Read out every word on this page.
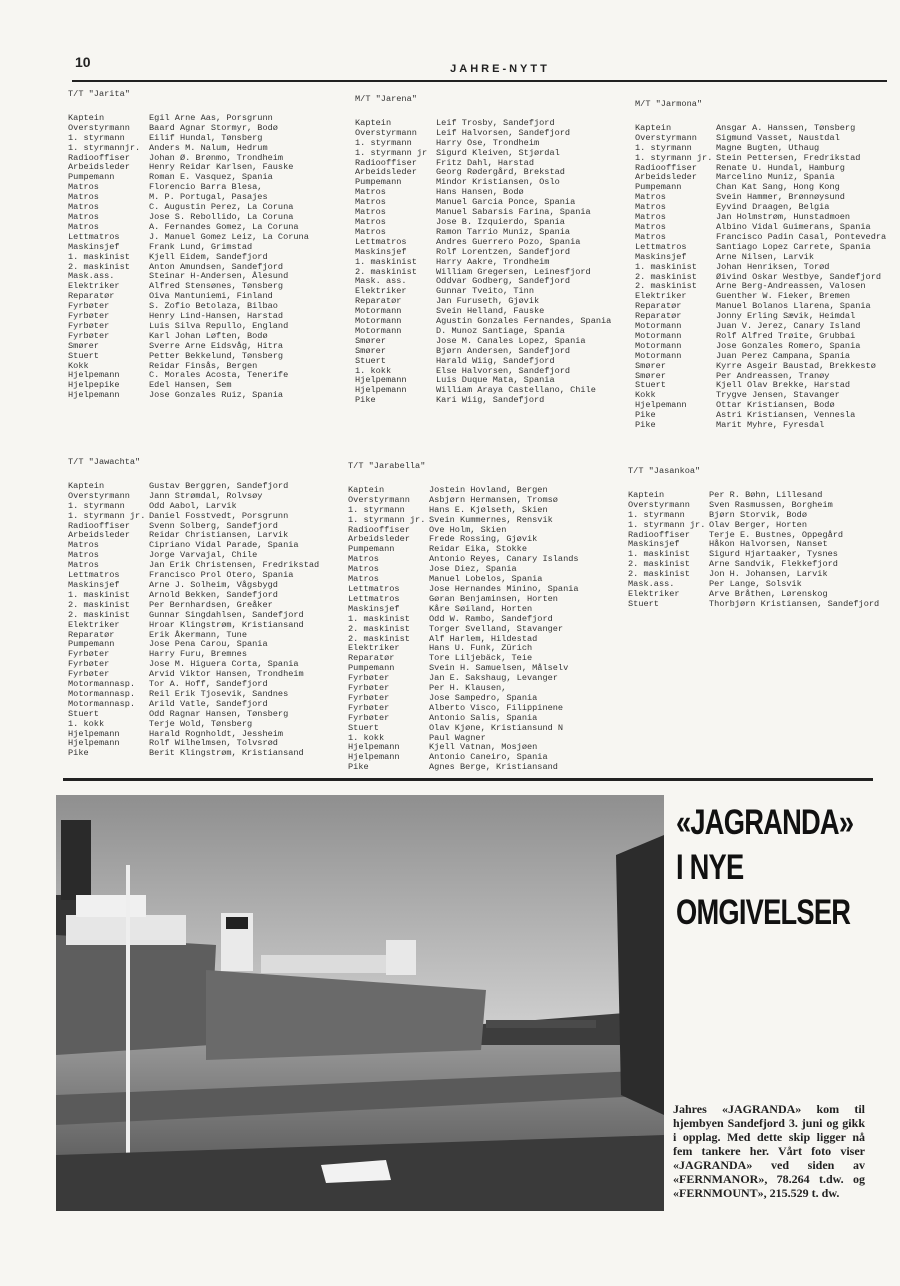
10	JAHRE-NYTT
T/T "Jarita"
Kaptein	Egil Arne Aas, Porsgrunn
Overstyrmann	Baard Agnar Stormyr, Bodø
1. styrmann	Eilif Hundal, Tønsberg
1. styrmannjr.	Anders M. Nalum, Hedrum
Radiooffiser	Johan Ø. Brønmo, Trondheim
Arbeidsleder	Henry Reidar Karlsen, Fauske
Pumpemann	Roman E. Vasquez, Spania
Matros	Florencio Barra Blesa,
Matros	M. P. Portugal, Pasajes
Matros	C. Augustin Perez, La Coruna
Matros	Jose S. Rebollido, La Coruna
Matros	A. Fernandes Gomez, La Coruna
Lettmatros	J. Manuel Gomez Leiz, La Coruna
Maskinsjef	Frank Lund, Grimstad
1. maskinist	Kjell Eidem, Sandefjord
2. maskinist	Anton Amundsen, Sandefjord
Mask.ass.	Steinar H-Andersen, Ålesund
Elektriker	Alfred Stensønes, Tønsberg
Reparatør	Oiva Mantuniemi, Finland
Fyrbøter	S. Zofio Betolaza, Bilbao
Fyrbøter	Henry Lind-Hansen, Harstad
Fyrbøter	Luis Silva Repullo, England
Fyrbøter	Karl Johan Løften, Bodø
Smører	Sverre Arne Eidsvåg, Hitra
Stuert	Petter Bekkelund, Tønsberg
Kokk	Reidar Finsås, Bergen
Hjelpemann	C. Morales Acosta, Tenerife
Hjelpepike	Edel Hansen, Sem
Hjelpemann	Jose Gonzales Ruiz, Spania
M/T "Jarena"
Kaptein	Leif Trosby, Sandefjord
Overstyrmann	Leif Halvorsen, Sandefjord
1. styrmann	Harry Ose, Trondheim
1. styrmann jr	Sigurd Kleiven, Stjørdal
Radiooffiser	Fritz Dahl, Harstad
Arbeidsleder	Georg Rødergård, Brekstad
Pumpemann	Mindor Kristiansen, Oslo
Matros	Hans Hansen, Bodø
Matros	Manuel Garcia Ponce, Spania
Matros	Manuel Sabarsis Farina, Spania
Matros	Jose B. Izquierdo, Spania
Matros	Ramon Tarrio Muniz, Spania
Lettmatros	Andres Guerrero Pozo, Spania
Maskinsjef	Rolf Lorentzen, Sandefjord
1. maskinist	Harry Aakre, Trondheim
2. maskinist	William Gregersen, Leinesfjord
Mask. ass.	Oddvar Godberg, Sandefjord
Elektriker	Gunnar Tveito, Tinn
Reparatør	Jan Furuseth, Gjøvik
Motormann	Svein Helland, Fauske
Motormann	Agustin Gonzales Fernandes, Spania
Motormann	D. Munoz Santiage, Spania
Smører	Jose M. Canales Lopez, Spania
Smører	Bjørn Andersen, Sandefjord
Stuert	Harald Wiig, Sandefjord
1. kokk	Else Halvorsen, Sandefjord
Hjelpemann	Luis Duque Mata, Spania
Hjelpemann	William Araya Castellano, Chile
Pike	Kari Wiig, Sandefjord
M/T "Jarmona"
Kaptein	Ansgar A. Hanssen, Tønsberg
Overstyrmann	Sigmund Vasset, Naustdal
1. styrmann	Magne Bugten, Uthaug
1. styrmann jr. Stein Pettersen, Fredrikstad
Radiooffiser	Renate U. Hundal, Hamburg
Arbeidsleder	Marcelino Muniz, Spania
Pumpemann	Chan Kat Sang, Hong Kong
Matros	Svein Hammer, Brønnøysund
Matros	Eyvind Draagen, Belgia
Matros	Jan Holmstrøm, Hunstadmoen
Matros	Albino Vidal Guimerans, Spania
Matros	Francisco Padin Casal, Pontevedra
Lettmatros	Santiago Lopez Carrete, Spania
Maskinsjef	Arne Nilsen, Larvik
1. maskinist	Johan Henriksen, Torød
2. maskinist	Øivind Oskar Westbye, Sandefjord
2. maskinist	Arne Berg-Andreassen, Valosen
Elektriker	Guenther W. Fieker, Bremen
Reparatør	Manuel Bolanos Llarena, Spania
Reparatør	Jonny Erling Sævik, Heimdal
Motormann	Juan V. Jerez, Canary Island
Motormann	Rolf Alfred Trøite, Grubbai
Motormann	Jose Gonzales Romero, Spania
Motormann	Juan Perez Campana, Spania
Smører	Kyrre Asgeir Baustad, Brekkestø
Smører	Per Andreassen, Tranøy
Stuert	Kjell Olav Brekke, Harstad
Kokk	Trygve Jensen, Stavanger
Hjelpemann	Ottar Kristiansen, Bodø
Pike	Astri Kristiansen, Vennesla
Pike	Marit Myhre, Fyresdal
T/T "Jawachta"
Kaptein	Gustav Berggren, Sandefjord
Overstyrmann	Jann Strømdal, Rolvsøy
1. styrmann	Odd Aabol, Larvik
1. styrmann jr. Daniel Fosstvedt, Porsgrunn
Radiooffiser	Svenn Solberg, Sandefjord
Arbeidsleder	Reidar Christiansen, Larvik
Matros	Cipriano Vidal Parade, Spania
Matros	Jorge Varvajal, Chile
Matros	Jan Erik Christensen, Fredrikstad
Lettmatros	Francisco Prol Otero, Spania
Maskinsjef	Arne J. Solheim, Vågsbygd
1. maskinist	Arnold Bekken, Sandefjord
2. maskinist	Per Bernhardsen, Greåker
2. maskinist	Gunnar Singdahlsen, Sandefjord
Elektriker	Hroar Klingstrøm, Kristiansand
Reparatør	Erik Åkermann, Tune
Pumpemann	Jose Pena Carou, Spania
Fyrbøter	Harry Furu, Bremnes
Fyrbøter	Jose M. Higuera Corta, Spania
Fyrbøter	Arvid Viktor Hansen, Trondheim
Motormannasp.	Tor A. Hoff, Sandefjord
Motormannasp.	Reil Erik Tjosevik, Sandnes
Motormannasp.	Arild Vatle, Sandefjord
Stuert	Odd Ragnar Hansen, Tønsberg
1. kokk	Terje Wold, Tønsberg
Hjelpemann	Harald Rognholdt, Jessheim
Hjelpemann	Rolf Wilhelmsen, Tolvsrød
Pike	Berit Klingstrøm, Kristiansand
T/T "Jarabella"
Kaptein	Jostein Hovland, Bergen
Overstyrmann	Asbjørn Hermansen, Tromsø
1. styrmann	Hans E. Kjølseth, Skien
1. styrmann jr. Svein Kummernes, Rensvik
Radiooffiser	Ove Holm, Skien
Arbeidsleder	Frede Rossing, Gjøvik
Pumpemann	Reidar Eika, Stokke
Matros	Antonio Reyes, Canary Islands
Matros	Jose Diez, Spania
Matros	Manuel Lobelos, Spania
Lettmatros	Jose Hernandes Minino, Spania
Lettmatros	Gøran Benjaminsen, Horten
Maskinsjef	Kåre Søiland, Horten
1. maskinist	Odd W. Rambo, Sandefjord
2. maskinist	Torger Svelland, Stavanger
2. maskinist	Alf Harlem, Hildestad
Elektriker	Hans U. Funk, Zürich
Reparatør	Tore Liljebäck, Teie
Pumpemann	Svein H. Samuelsen, Målselv
Fyrbøter	Jan E. Sakshaug, Levanger
Fyrbøter	Per H. Klausen,
Fyrbøter	Jose Sampedro, Spania
Fyrbøter	Alberto Visco, Filippinene
Fyrbøter	Antonio Salis, Spania
Stuert	Olav Kjøne, Kristiansund N
1. kokk	Paul Wagner
Hjelpemann	Kjell Vatnan, Mosjøen
Hjelpemann	Antonio Caneiro, Spania
Pike	Agnes Berge, Kristiansand
T/T "Jasankoa"
Kaptein	Per R. Bøhn, Lillesand
Overstyrmann	Sven Rasmussen, Borgheim
1. styrmann	Bjørn Storvik, Bodø
1. styrmann jr. Olav Berger, Horten
Radiooffiser	Terje E. Bustnes, Oppegård
Maskinsjef	Håkon Halvorsen, Nanset
1. maskinist	Sigurd Hjartaaker, Tysnes
2. maskinist	Arne Sandvik, Flekkefjord
2. maskinist	Jon H. Johansen, Larvik
Mask.ass.	Per Lange, Solsvik
Elektriker	Arve Bråthen, Lørenskog
Stuert	Thorbjørn Kristiansen, Sandefjord
«JAGRANDA»
I NYE
OMGIVELSER
Jahres «JAGRANDA» kom til hjembyen Sandefjord 3. juni og gikk i opplag. Med dette skip ligger nå fem tankere her. Vårt foto viser «JAGRANDA» ved siden av «FERNMANOR», 78.264 t.dw. og «FERNMOUNT», 215.529 t. dw.
